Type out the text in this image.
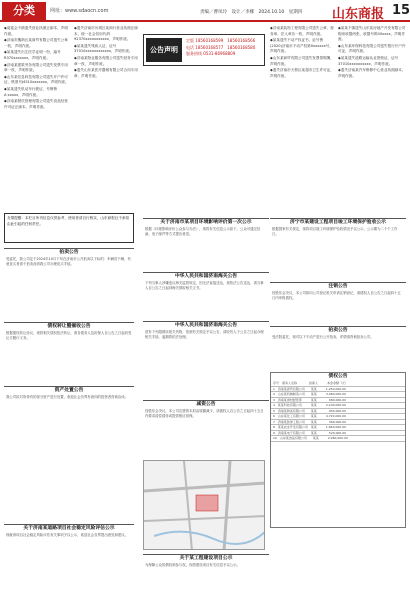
分类	网址：www.sdaocn.com	责编／曹凤玲　设计／李娜　2024.10.10　星期四 山东商报 15
◆莫铭会不慎遗失营业执照正副本，声明作废。
◆济南市槐荫区某商贸有限公司遗失公章一枚，声明作废。
◆某某遗失出生医学证明一份，编号R370xxxxxxx，声明作废。
◆济南某建筑劳务有限公司遗失发票专用章一枚，声明作废。
◆山东某信息科技有限公司遗失开户许可证，核准号J4510xxxxxxx，声明作废。
◆某某遗失机动车行驶证，号牌鲁A·xxxxx，声明作废。
◆济南某餐饮管理有限公司遗失食品经营许可证正副本，声明作废。
◆遗失济南市历城区某商行营业执照正副本，统一社会信用代码92370xxxxxxxxxxx，声明作废。
◆某某遗失残疾人证，证号37010xxxxxxxxxxxx，声明作废。
◆济南某物业服务有限公司遗失财务专用章一枚，声明作废。
◆遗失山东某医疗器械有限公司合同专用章，声明作废。
公告声明
定版 18560168599　18560168566
电话 18560168577　18560168580
服务热线 0531-86968809
◆济南某装饰工程有限公司遗失公章、财务章、法人章各一枚，声明作废。
◆某某遗失不动产权证书，证号鲁(2020)济南市不动产权第0xxxxxx号，声明作废。
◆山东某商贸有限公司遗失发票领购簿，声明作废。
◆遗失济南市天桥区某超市卫生许可证，声明作废。
◆某某不慎遗失山东某房地产开发有限公司购房收据两张，收据号码00xxxx，声明作废。
◆山东某环保科技有限公司遗失银行开户许可证，声明作废。
◆某某遗失道路运输从业资格证，证号37010xxxxxxxxxx，声明作废。
◆遗失济南某汽车维修中心营业执照副本，声明作废。
友情提醒：本栏目所刊信息仅供参考，使用者请自行核实，山东商报社不承担由此引起的任何责任。
拍卖公告
受委托，我公司定于2024年10月下旬在济南市公开拍卖以下标的：车辆若干辆，有意竞买者请于拍卖前到我公司办理竞买手续。
债权转让暨催收公告
根据债权转让协议，现将相关债权依法转让，请各债务人及担保人自公告之日起向受让方履行义务。
资产处置公告
我公司拟对所持有的部分资产进行处置，欢迎社会各界有意向的投资者咨询洽谈。
关于济南市某项目环境影响评价第一次公示
根据《环境影响评价公众参与办法》，现将有关信息公示如下，公众可通过信函、电子邮件等方式提出意见。
中华人民共和国济南海关公告
下列当事人涉嫌违反海关监管规定，因无法直接送达，现依法公告送达，请当事人自公告之日起到海关领取相关文书。
中华人民共和国济南海关公告
兹有下列超期未报关货物，依照有关规定予以公告，请收货人于公告之日起办理相关手续，逾期将依法处理。
减资公告
经股东会决议，本公司注册资本拟由原额减少，请债权人自公告之日起四十五日内要求清偿债务或提供相应担保。
济宁市某建设工程项目竣工环境保护验收公示
根据国家有关规定，现将项目竣工环境保护验收情况予以公示，公示期为二十个工作日。
注销公告
经股东会决议，本公司拟向公司登记机关申请注销登记，请债权人自公告之日起四十五日内申报债权。
拍卖公告
受法院委托，现对以下不动产进行公开拍卖，详情请咨询拍卖公司。
债权公告
序号　债务人名称　　　　担保人　　　本金余额（元）
1　济南某商贸有限公司　　某某　　　1,250,000.00
2　山东某机械制造公司　　某某　　　3,480,000.00
3　济南某建材经营部　　　某某　　　　680,000.00
4　某某科技有限公司　　　某某　　　2,100,000.00
5　济南某物流有限公司　　某某　　　　950,000.00
6　山东某化工有限公司　　某某　　　4,720,000.00
7　济南某装饰工程公司　　某某　　　　360,000.00
8　某某农业开发有限公司　某某　　　1,840,000.00
9　济南某电子有限公司　　某某　　　　520,000.00
10　山东某食品有限公司　　某某　　　2,960,000.00
关于济南某道路项目社会稳定风险评估公示
现就该项目社会稳定风险评估有关事项予以公示，欢迎社会各界提出意见和建议。
关于某工程建设项目公示
为保障公众知情权和参与权，现将建设项目有关信息予以公示。
